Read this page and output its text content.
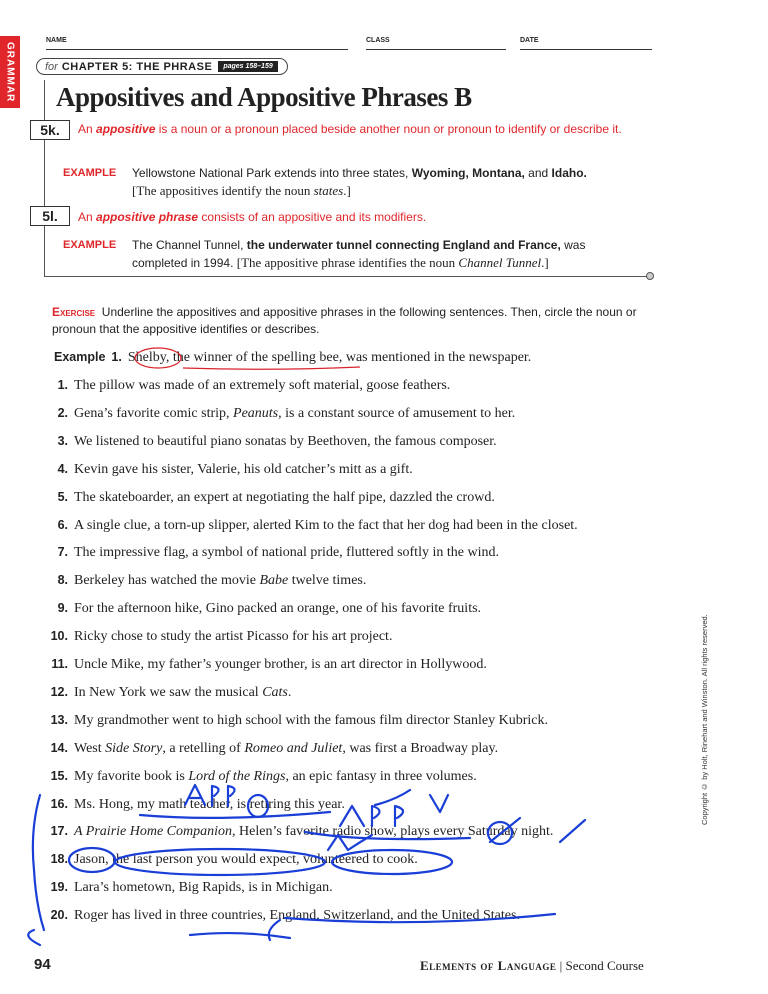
GRAMMAR
NAME	CLASS	DATE
for CHAPTER 5: THE PHRASE	pages 158–159
Appositives and Appositive Phrases B
5k.	An appositive is a noun or a pronoun placed beside another noun or pronoun to identify or describe it.
EXAMPLE Yellowstone National Park extends into three states, Wyoming, Montana, and Idaho.
[The appositives identify the noun states.]
5l.	An appositive phrase consists of an appositive and its modifiers.
EXAMPLE The Channel Tunnel, the underwater tunnel connecting England and France, was completed in 1994. [The appositive phrase identifies the noun Channel Tunnel.]
Exercise Underline the appositives and appositive phrases in the following sentences. Then, circle the noun or pronoun that the appositive identifies or describes.
Example 1. Shelby, the winner of the spelling bee, was mentioned in the newspaper.
1. The pillow was made of an extremely soft material, goose feathers.
2. Gena’s favorite comic strip, Peanuts, is a constant source of amusement to her.
3. We listened to beautiful piano sonatas by Beethoven, the famous composer.
4. Kevin gave his sister, Valerie, his old catcher’s mitt as a gift.
5. The skateboarder, an expert at negotiating the half pipe, dazzled the crowd.
6. A single clue, a torn-up slipper, alerted Kim to the fact that her dog had been in the closet.
7. The impressive flag, a symbol of national pride, fluttered softly in the wind.
8. Berkeley has watched the movie Babe twelve times.
9. For the afternoon hike, Gino packed an orange, one of his favorite fruits.
10. Ricky chose to study the artist Picasso for his art project.
11. Uncle Mike, my father’s younger brother, is an art director in Hollywood.
12. In New York we saw the musical Cats.
13. My grandmother went to high school with the famous film director Stanley Kubrick.
14. West Side Story, a retelling of Romeo and Juliet, was first a Broadway play.
15. My favorite book is Lord of the Rings, an epic fantasy in three volumes.
16. Ms. Hong, my math teacher, is retiring this year.
17. A Prairie Home Companion, Helen’s favorite radio show, plays every Saturday night.
18. Jason, the last person you would expect, volunteered to cook.
19. Lara’s hometown, Big Rapids, is in Michigan.
20. Roger has lived in three countries, England, Switzerland, and the United States.
Copyright © by Holt, Rinehart and Winston. All rights reserved.
94	Elements of Language | Second Course
